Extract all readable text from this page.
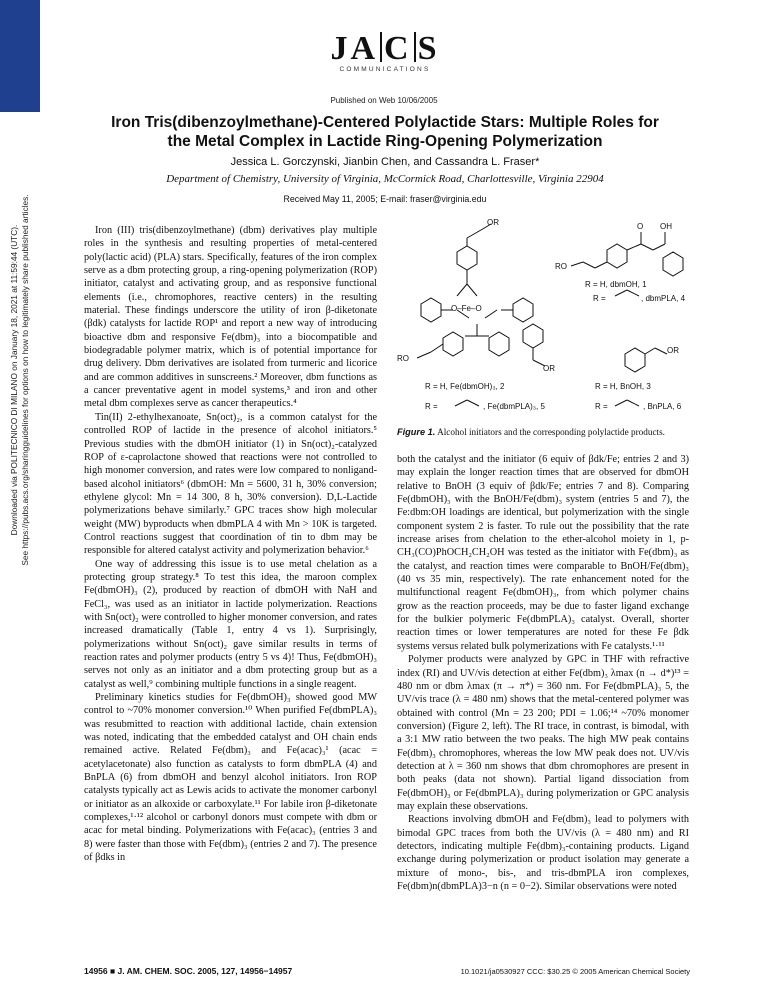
Downloaded via POLITECNICO DI MILANO on January 18, 2021 at 11:59:44 (UTC). See https://pubs.acs.org/sharingguidelines for options on how to legitimately share published articles.
JA C S
COMMUNICATIONS
Published on Web 10/06/2005
Iron Tris(dibenzoylmethane)-Centered Polylactide Stars: Multiple Roles for
the Metal Complex in Lactide Ring-Opening Polymerization
Jessica L. Gorczynski, Jianbin Chen, and Cassandra L. Fraser*
Department of Chemistry, University of Virginia, McCormick Road, Charlottesville, Virginia 22904
Received May 11, 2005; E-mail: fraser@virginia.edu

Iron (III) tris(dibenzoylmethane) (dbm) derivatives play multiple roles in the synthesis and resulting properties of metal-centered poly(lactic acid) (PLA) stars. Specifically, features of the iron complex serve as a dbm protecting group, a ring-opening polymerization (ROP) initiator, catalyst and activating group, and as responsive functional elements (i.e., chromophores, reactive centers) in the resulting material. These findings underscore the utility of iron β-diketonate (βdk) catalysts for lactide ROP¹ and report a new way of introducing bioactive dbm and responsive Fe(dbm)₃ into a biocompatible and biodegradable polymer matrix, which is of potential importance for drug delivery. Dbm derivatives are isolated from turmeric and licorice and are common additives in sunscreens.² Moreover, dbm functions as a cancer preventative agent in model systems,³ and iron and other metal dbm complexes serve as cancer therapeutics.⁴

Tin(II) 2-ethylhexanoate, Sn(oct)₂, is a common catalyst for the controlled ROP of lactide in the presence of alcohol initiators.⁵ Previous studies with the dbmOH initiator (1) in Sn(oct)₂-catalyzed ROP of ε-caprolactone showed that reactions were not controlled to high monomer conversion, and rates were low compared to nonligand-based alcohol initiators⁶ (dbmOH: Mn = 5600, 31 h, 30% conversion; ethylene glycol: Mn = 14 300, 8 h, 30% conversion). D,L-Lactide polymerizations behave similarly.⁷ GPC traces show high molecular weight (MW) byproducts when dbmPLA 4 with Mn > 10K is targeted. Control reactions suggest that coordination of tin to dbm may be responsible for altered catalyst activity and polymerization behavior.⁶

One way of addressing this issue is to use metal chelation as a protecting group strategy.⁸ To test this idea, the maroon complex Fe(dbmOH)₃ (2), produced by reaction of dbmOH with NaH and FeCl₃, was used as an initiator in lactide polymerization. Reactions with Sn(oct)₂ were controlled to higher monomer conversion, and rates increased dramatically (Table 1, entry 4 vs 1). Surprisingly, polymerizations without Sn(oct)₂ gave similar results in terms of reaction rates and polymer products (entry 5 vs 4)! Thus, Fe(dbmOH)₃ serves not only as an initiator and a dbm protecting group but as a catalyst as well,⁹ combining multiple functions in a single reagent.

Preliminary kinetics studies for Fe(dbmOH)₃ showed good MW control to ~70% monomer conversion.¹⁰ When purified Fe(dbmPLA)₃ was resubmitted to reaction with additional lactide, chain extension was noted, indicating that the embedded catalyst and OH chain ends remained active. Related Fe(dbm)₃ and Fe(acac)₃¹ (acac = acetylacetonate) also function as catalysts to form dbmPLA (4) and BnPLA (6) from dbmOH and benzyl alcohol initiators. Iron ROP catalysts typically act as Lewis acids to activate the monomer carbonyl or initiator as an alkoxide or carboxylate.¹¹ For labile iron β-diketonate complexes,¹·¹² alcohol or carbonyl donors must compete with dbm or acac for metal binding. Polymerizations with Fe(acac)₃ (entries 3 and 8) were faster than those with Fe(dbm)₃ (entries 2 and 7). The presence of βdks in

OR
O–Fe–O
RO
OR
RO
O OH
R = H, dbmOH, 1
R =	, dbmPLA, 4
OR
R = H, Fe(dbmOH)₃, 2	R = H, BnOH, 3
R =	, Fe(dbmPLA)₃, 5	R =	, BnPLA, 6
Figure 1. Alcohol initiators and the corresponding polylactide products.

both the catalyst and the initiator (6 equiv of βdk/Fe; entries 2 and 3) may explain the longer reaction times that are observed for dbmOH relative to BnOH (3 equiv of βdk/Fe; entries 7 and 8). Comparing Fe(dbmOH)₃ with the BnOH/Fe(dbm)₃ system (entries 5 and 7), the Fe:dbm:OH loadings are identical, but polymerization with the single component system 2 is faster. To rule out the possibility that the rate increase arises from chelation to the ether-alcohol moiety in 1, p-CH₃(CO)PhOCH₂CH₂OH was tested as the initiator with Fe(dbm)₃ as the catalyst, and reaction times were comparable to BnOH/Fe(dbm)₃ (40 vs 35 min, respectively). The rate enhancement noted for the multifunctional reagent Fe(dbmOH)₃, from which polymer chains grow as the reaction proceeds, may be due to faster ligand exchange for the bulkier polymeric Fe(dbmPLA)₃ catalyst. Overall, shorter reaction times or lower temperatures are noted for these Fe βdk systems versus related bulk polymerizations with Fe catalysts.¹·¹¹

Polymer products were analyzed by GPC in THF with refractive index (RI) and UV/vis detection at either Fe(dbm)₃ λmax (n → d*)¹³ = 480 nm or dbm λmax (π → π*) = 360 nm. For Fe(dbmPLA)₃ 5, the UV/vis trace (λ = 480 nm) shows that the metal-centered polymer was obtained with control (Mn = 23 200; PDI = 1.06;¹⁴ ~70% monomer conversion) (Figure 2, left). The RI trace, in contrast, is bimodal, with a 3:1 MW ratio between the two peaks. The high MW peak contains Fe(dbm)₃ chromophores, whereas the low MW peak does not. UV/vis detection at λ = 360 nm shows that dbm chromophores are present in both peaks (data not shown). Partial ligand dissociation from Fe(dbmOH)₃ or Fe(dbmPLA)₃ during polymerization or GPC analysis may explain these observations.

Reactions involving dbmOH and Fe(dbm)₃ lead to polymers with bimodal GPC traces from both the UV/vis (λ = 480 nm) and RI detectors, indicating multiple Fe(dbm)₃-containing products. Ligand exchange during polymerization or product isolation may generate a mixture of mono-, bis-, and tris-dbmPLA iron complexes, Fe(dbm)n(dbmPLA)3−n (n = 0−2). Similar observations were noted

14956 ■ J. AM. CHEM. SOC. 2005, 127, 14956−14957	10.1021/ja0530927 CCC: $30.25 © 2005 American Chemical Society
